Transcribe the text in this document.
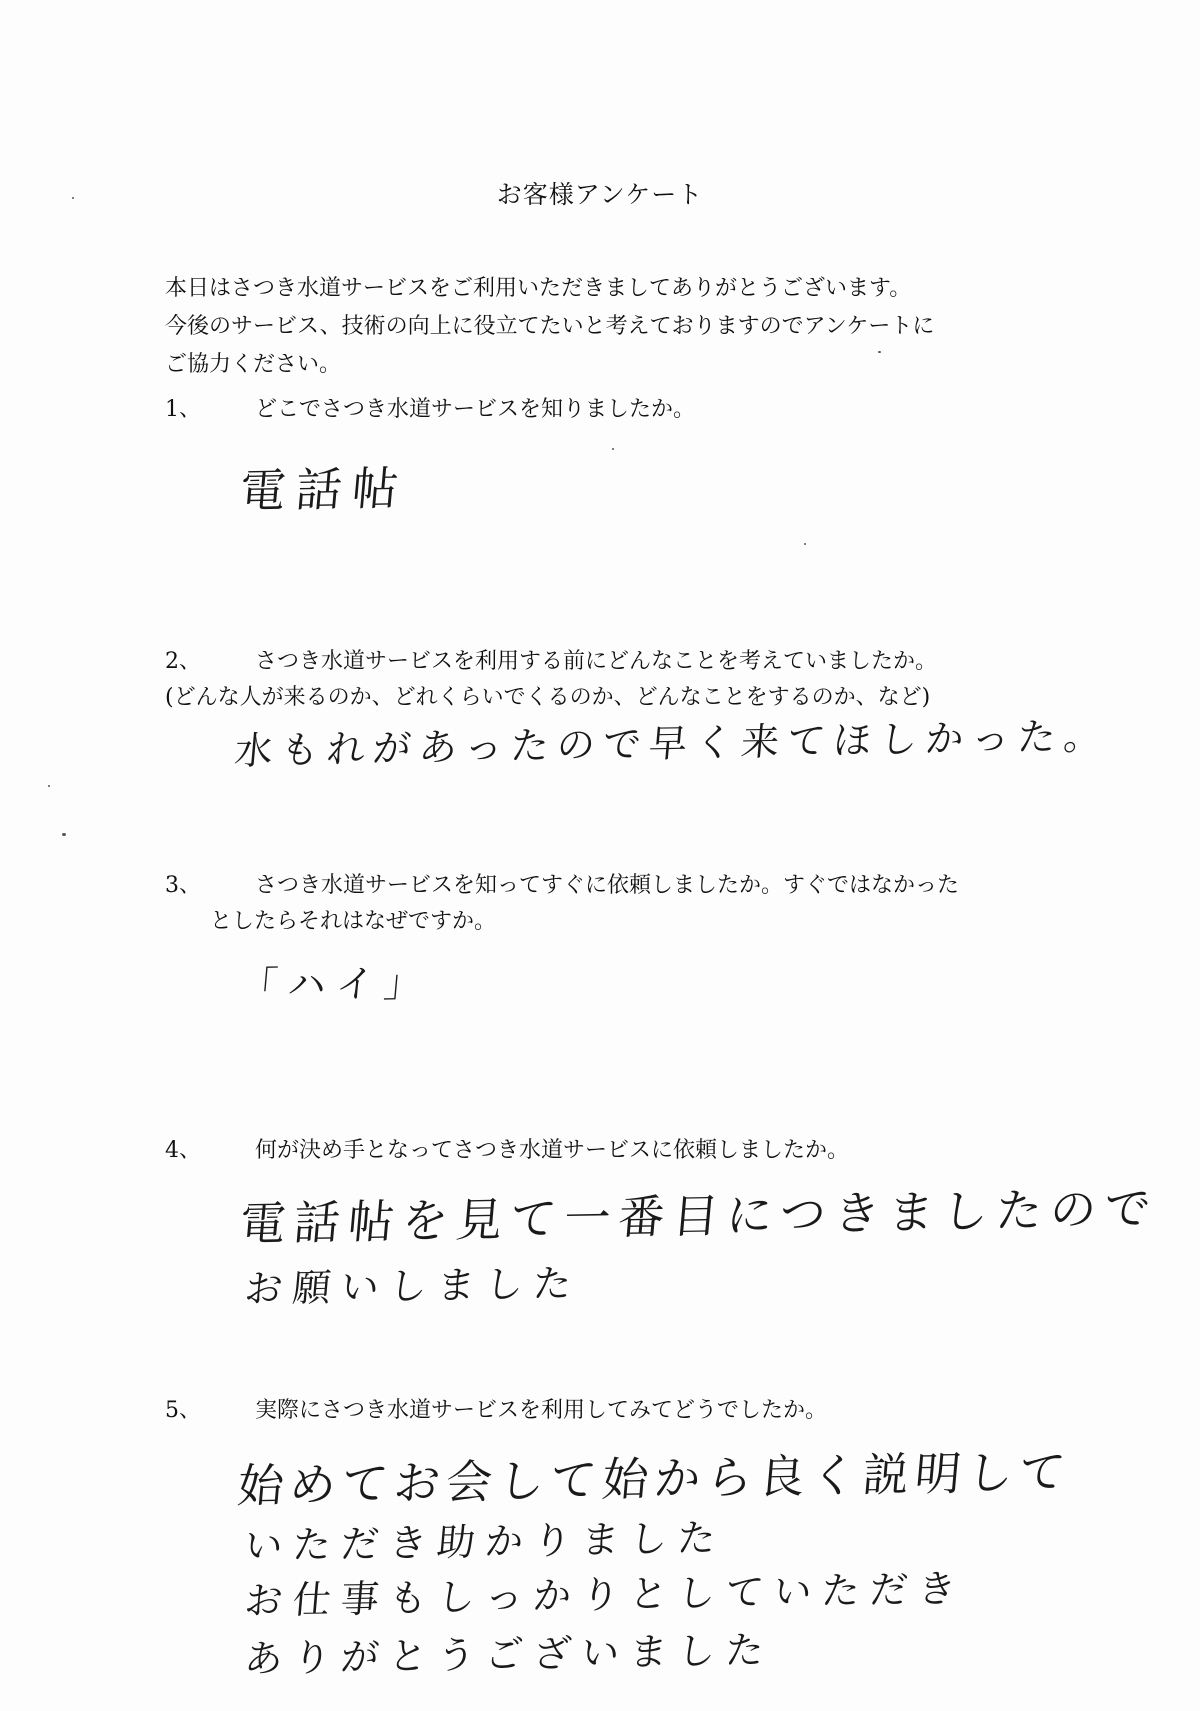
お客様アンケート
本日はさつき水道サービスをご利用いただきましてありがとうございます。
今後のサービス、技術の向上に役立てたいと考えておりますのでアンケートに
ご協力ください。
1、	どこでさつき水道サービスを知りましたか。
電話帖
2、	さつき水道サービスを利用する前にどんなことを考えていましたか。
(どんな人が来るのか、どれくらいでくるのか、どんなことをするのか、など)
水もれがあったので早く来てほしかった。
3、	さつき水道サービスを知ってすぐに依頼しましたか。すぐではなかった
としたらそれはなぜですか。
「ハイ」
4、	何が決め手となってさつき水道サービスに依頼しましたか。
電話帖を見て一番目につきましたので
お願いしました
5、	実際にさつき水道サービスを利用してみてどうでしたか。
始めてお会して始から良く説明して
いただき助かりました
お仕事もしっかりとしていただき
ありがとうございました
